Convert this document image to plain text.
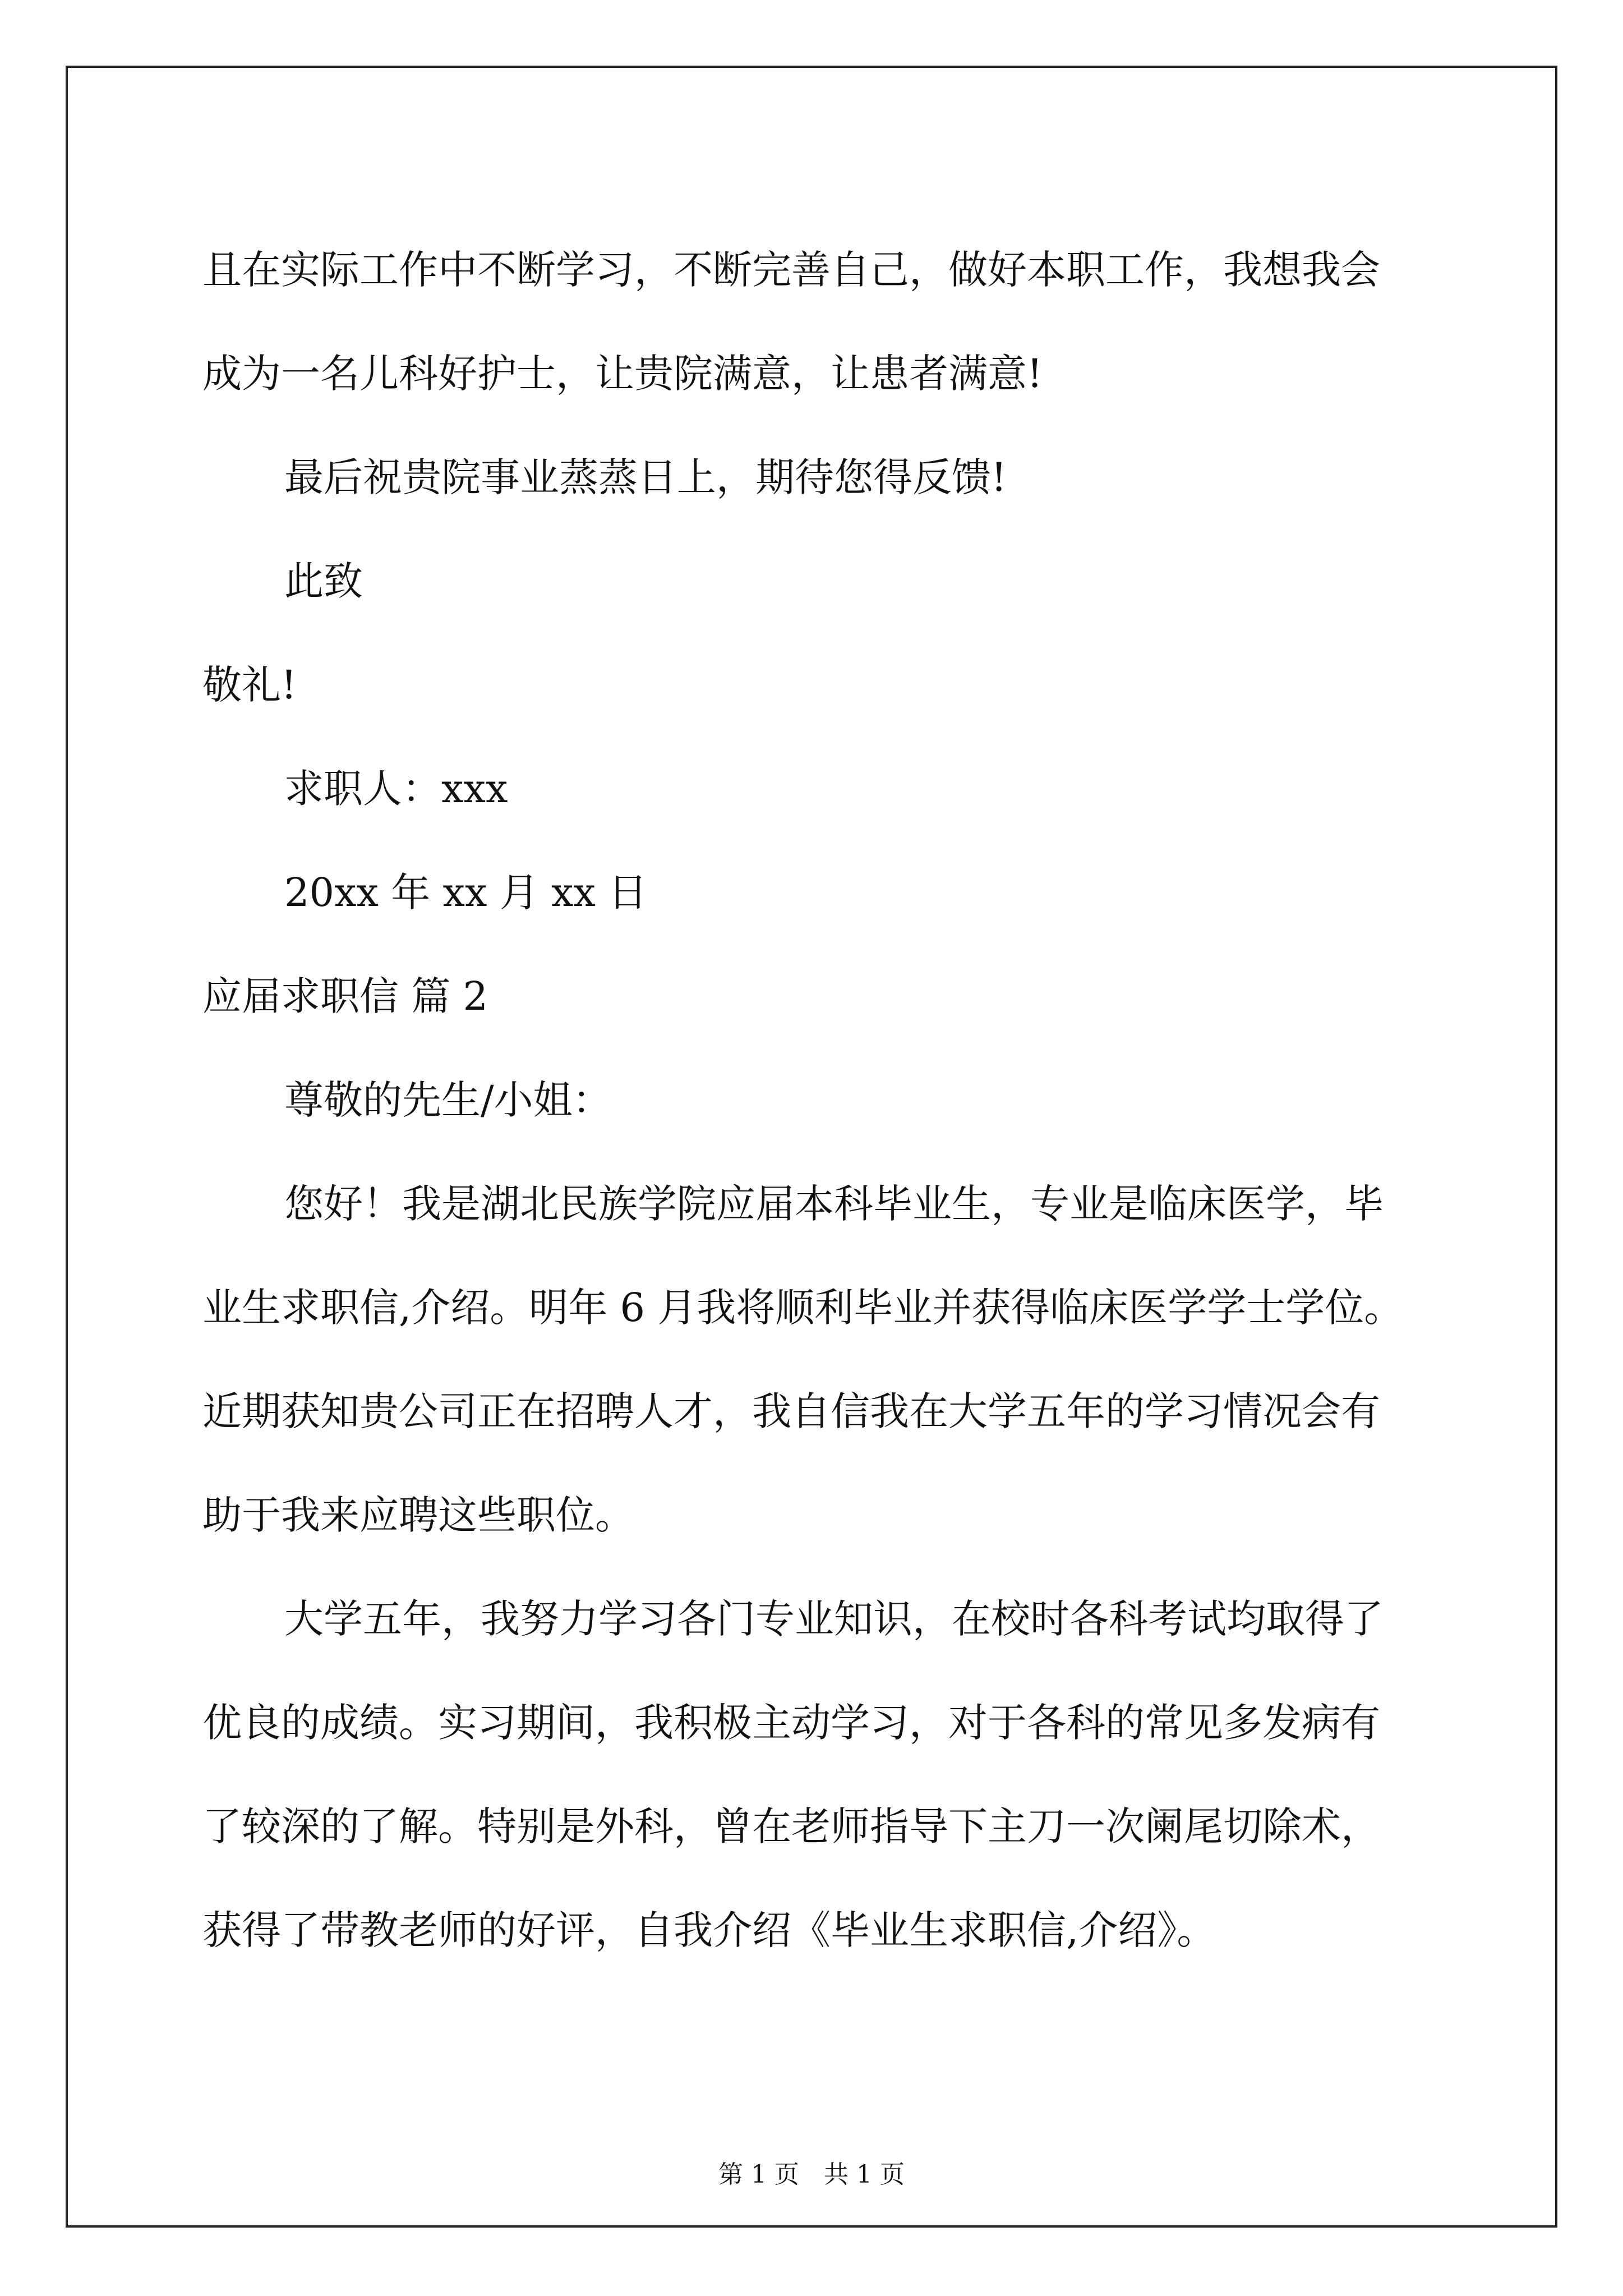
且在实际工作中不断学习，不断完善自己，做好本职工作，我想我会
成为一名儿科好护士，让贵院满意，让患者满意!
最后祝贵院事业蒸蒸日上，期待您得反馈!
此致
敬礼!
求职人：xxx
20xx 年 xx 月 xx 日
应届求职信 篇 2
尊敬的先生/小姐：
您好！我是湖北民族学院应届本科毕业生，专业是临床医学，毕
业生求职信,介绍。明年 6 月我将顺利毕业并获得临床医学学士学位。
近期获知贵公司正在招聘人才，我自信我在大学五年的学习情况会有
助于我来应聘这些职位。
大学五年，我努力学习各门专业知识，在校时各科考试均取得了
优良的成绩。实习期间，我积极主动学习，对于各科的常见多发病有
了较深的了解。特别是外科，曾在老师指导下主刀一次阑尾切除术，
获得了带教老师的好评，自我介绍《毕业生求职信,介绍》。
第 1 页　共 1 页
